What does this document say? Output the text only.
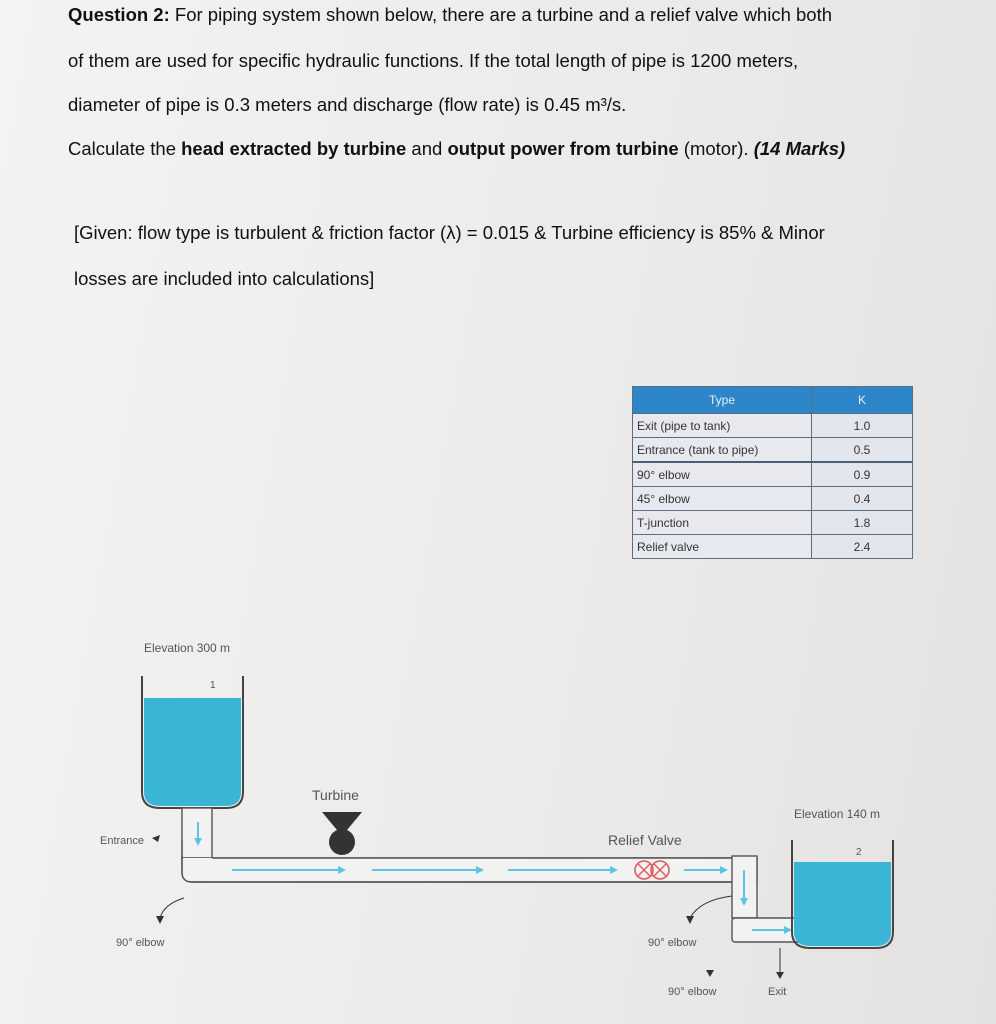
Question 2: For piping system shown below, there are a turbine and a relief valve which both
of them are used for specific hydraulic functions. If the total length of pipe is 1200 meters,
diameter of pipe is 0.3 meters and discharge (flow rate) is 0.45 m³/s.
Calculate the head extracted by turbine and output power from turbine (motor). (14 Marks)
[Given: flow type is turbulent & friction factor (λ) = 0.015 & Turbine efficiency is 85% & Minor
losses are included into calculations]
Type	K
Exit (pipe to tank)	1.0
Entrance (tank to pipe)	0.5
90° elbow	0.9
45° elbow	0.4
T-junction	1.8
Relief valve	2.4
Elevation 300 m
1
Elevation 140 m
2
Turbine
Relief Valve
Entrance
90° elbow	90° elbow
90° elbow	Exit
